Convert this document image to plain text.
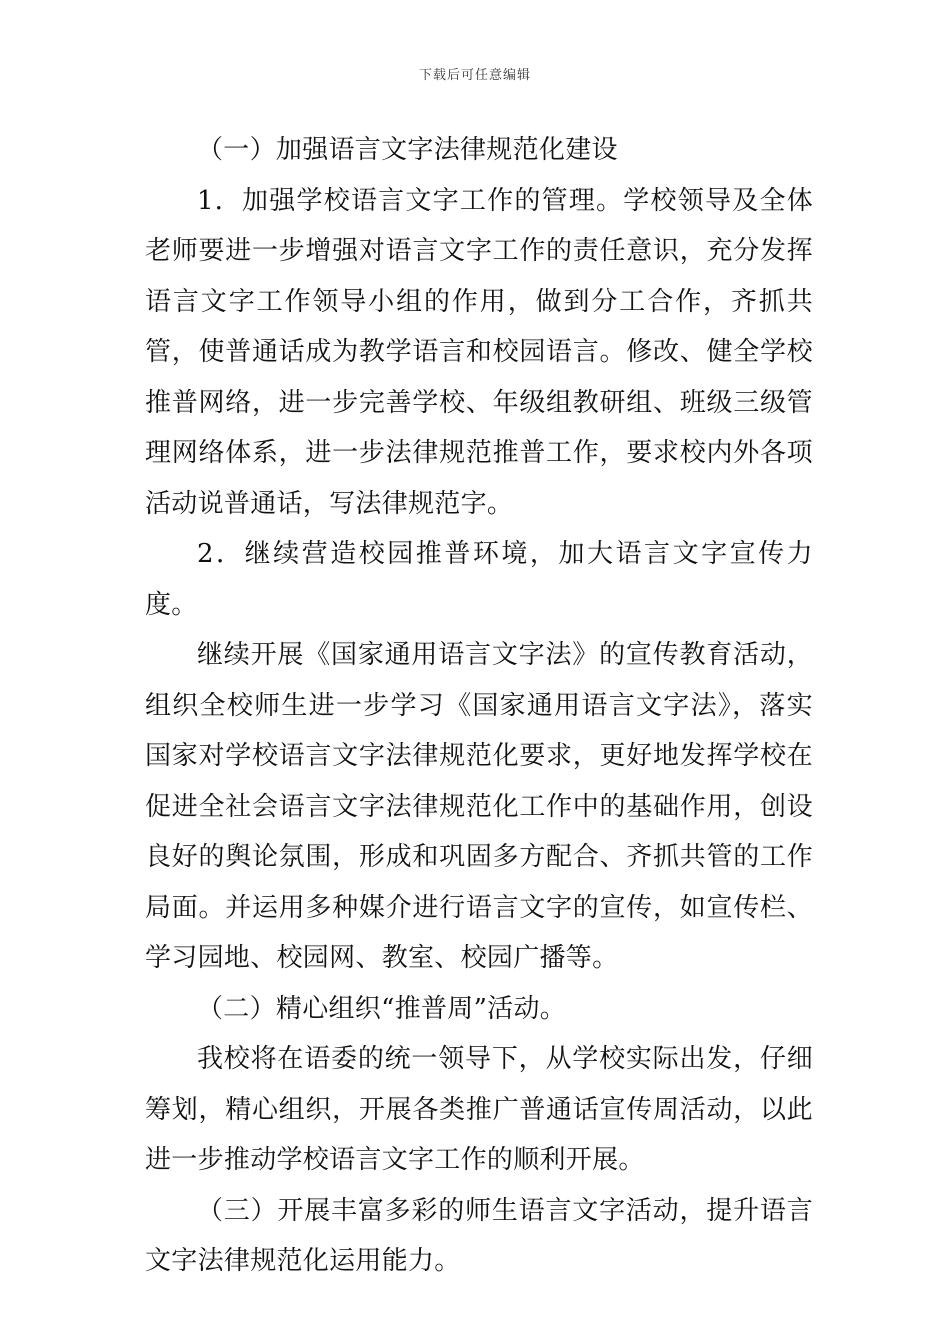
下载后可任意编辑

（一）加强语言文字法律规范化建设

1．加强学校语言文字工作的管理。学校领导及全体老师要进一步增强对语言文字工作的责任意识，充分发挥语言文字工作领导小组的作用，做到分工合作，齐抓共管，使普通话成为教学语言和校园语言。修改、健全学校推普网络，进一步完善学校、年级组教研组、班级三级管理网络体系，进一步法律规范推普工作，要求校内外各项活动说普通话，写法律规范字。

2．继续营造校园推普环境，加大语言文字宣传力度。

继续开展《国家通用语言文字法》的宣传教育活动，组织全校师生进一步学习《国家通用语言文字法》，落实国家对学校语言文字法律规范化要求，更好地发挥学校在促进全社会语言文字法律规范化工作中的基础作用，创设良好的舆论氛围，形成和巩固多方配合、齐抓共管的工作局面。并运用多种媒介进行语言文字的宣传，如宣传栏、学习园地、校园网、教室、校园广播等。

（二）精心组织“推普周”活动。

我校将在语委的统一领导下，从学校实际出发，仔细筹划，精心组织，开展各类推广普通话宣传周活动，以此进一步推动学校语言文字工作的顺利开展。

（三）开展丰富多彩的师生语言文字活动，提升语言文字法律规范化运用能力。
